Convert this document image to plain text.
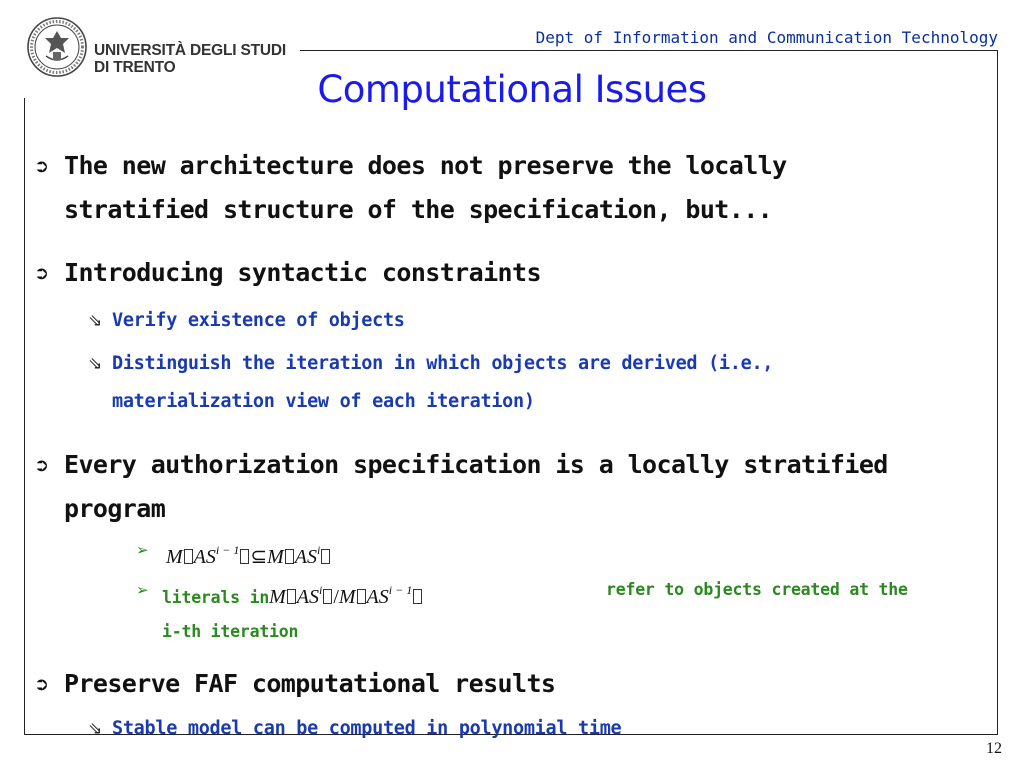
Dept of Information and Communication Technology
UNIVERSITÀ DEGLI STUDI
DI TRENTO
Computational Issues
➲ The new architecture does not preserve the locally
stratified structure of the specification, but...
➲ Introducing syntactic constraints
⇘ Verify existence of objects
⇘ Distinguish the iteration in which objects are derived (i.e.,
materialization view of each iteration)
➲ Every authorization specification is a locally stratified
program
➢ M $AS^{i - 1}$ ⊆M $AS^i$
➢ literals inM $AS^i$ /M $AS^{i - 1}$	refer to objects created at the
i-th iteration
➲ Preserve FAF computational results
⇘ Stable model can be computed in polynomial time
12
